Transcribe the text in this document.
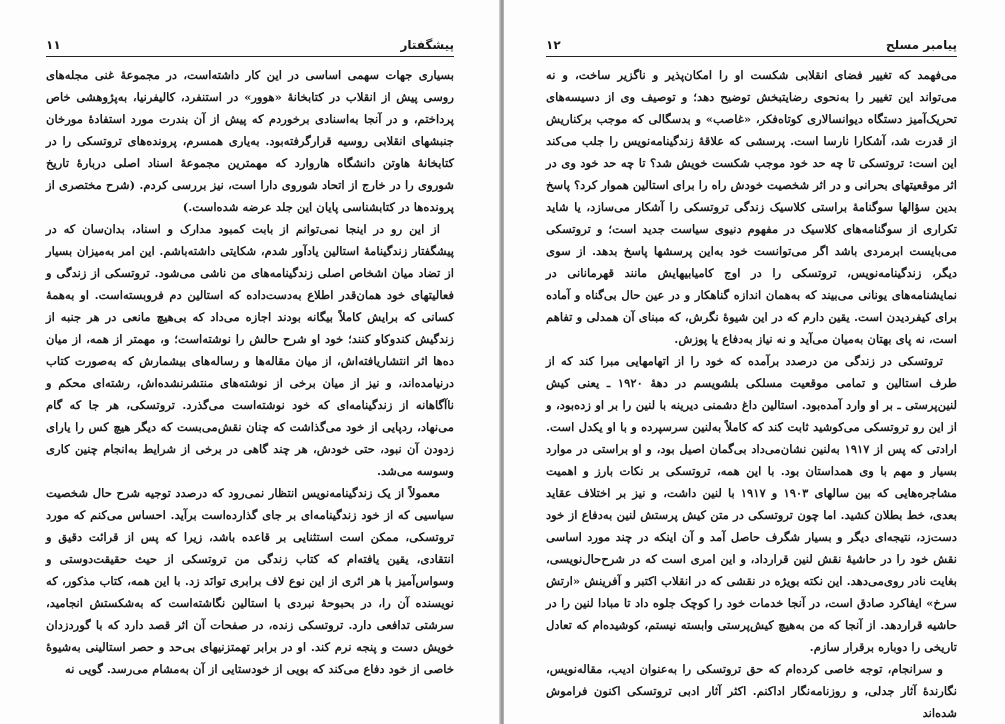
۱۱	پیشگفتار

بسیاری جهات سهمی اساسی در این کار داشته‌است، در مجموعهٔ غنی مجله‌های روسی پیش از انقلاب در کتابخانهٔ «هوور» در استنفرد، کالیفرنیا، به‌پژوهشی خاص پرداختم، و در آنجا به‌اسنادی برخوردم که پیش از آن بندرت مورد استفادهٔ مورخان جنبشهای انقلابی روسیه قرارگرفته‌بود. به‌یاری همسرم، پرونده‌های تروتسکی را در کتابخانهٔ هاوتن دانشگاه هاروارد که مهمترین مجموعهٔ اسناد اصلی دربارهٔ تاریخ شوروی را در خارج از اتحاد شوروی دارا است، نیز بررسی کردم. (شرح مختصری از پرونده‌ها در کتابشناسی پایان این جلد عرضه شده‌است.)

از این رو در اینجا نمی‌توانم از بابت کمبود مدارک و اسناد، بدان‌سان که در پیشگفتار زندگینامهٔ استالین یادآور شدم، شکایتی داشته‌باشم. این امر به‌میزان بسیار از تضاد میان اشخاص اصلی زندگینامه‌های من ناشی می‌شود. تروتسکی از زندگی و فعالیتهای خود همان‌قدر اطلاع به‌دست‌داده که استالین دم فروبسته‌است. او به‌همهٔ کسانی که برایش کاملاً بیگانه بودند اجازه می‌داد که بی‌هیچ مانعی در هر جنبه از زندگیش کندوکاو کنند؛ خود او شرح حالش را نوشته‌است؛ و، مهمتر از همه، از میان ده‌ها اثر انتشاریافته‌اش، از میان مقاله‌ها و رساله‌های بیشمارش که به‌صورت کتاب درنیامده‌اند، و نیز از میان برخی از نوشته‌های منتشرنشده‌اش، رشته‌ای محکم و ناآگاهانه از زندگینامه‌ای که خود نوشته‌است می‌گذرد. تروتسکی، هر جا که گام می‌نهاد، ردپایی از خود می‌گذاشت که چنان نقش‌می‌بست که دیگر هیچ کس را یارای زدودن آن نبود، حتی خودش، هر چند گاهی در برخی از شرایط به‌انجام چنین کاری وسوسه می‌شد.

معمولاً از یک زندگینامه‌نویس انتظار نمی‌رود که درصدد توجیه شرح حال شخصیت سیاسیی که از خود زندگینامه‌ای بر جای گذارده‌است برآید. احساس می‌کنم که مورد تروتسکی، ممکن است استثنایی بر قاعده باشد، زیرا که پس از قرائت دقیق و انتقادی، یقین یافته‌ام که کتاب زندگی من تروتسکی از حیث حقیقت‌دوستی و وسواس‌آمیز با هر اثری از این نوع لاف برابری توانَد زد. با این همه، کتاب مذکور، که نویسنده آن را، در بحبوحهٔ نبردی با استالین نگاشته‌است که به‌شکستش انجامید، سرشتی تدافعی دارد. تروتسکی زنده، در صفحات آن اثر قصد دارد که با گوردزدان خویش دست و پنجه نرم کند. او در برابر تهمتزنیهای بی‌حد و حصر استالینی به‌شیوهٔ خاصی از خود دفاع می‌کند که بویی از خودستایی از آن به‌مشام می‌رسد. گویی نه

۱۲	پیامبر مسلح

می‌فهمد که تغییر فضای انقلابی شکست او را امکان‌پذیر و ناگزیر ساخت، و نه می‌تواند این تغییر را به‌نحوی رضایتبخش توضیح دهد؛ و توصیف وی از دسیسه‌های تحریک‌آمیز دستگاه دیوانسالاری کوتاه‌فکر، «غاصب» و بدسگالی که موجب برکناریش از قدرت شد، آشکارا نارسا است. پرسشی که علاقهٔ زندگینامه‌نویس را جلب می‌کند این است: تروتسکی تا چه حد خود موجب شکست خویش شد؟ تا چه حد خود وی در اثر موقعیتهای بحرانی و در اثر شخصیت خودش راه را برای استالین هموار کرد؟ پاسخ بدین سؤالها سوگنامهٔ براستی کلاسیک زندگی تروتسکی را آشکار می‌سازد، یا شاید تکراری از سوگنامه‌های کلاسیک در مفهوم دنیوی سیاست جدید است؛ و تروتسکی می‌بایست ابرمردی باشد اگر می‌توانست خود به‌این پرسشها پاسخ بدهد. از سوی دیگر، زندگینامه‌نویس، تروتسکی را در اوج کامیابیهایش مانند قهرمانانی در نمایشنامه‌های یونانی می‌بیند که به‌همان اندازه گناهکار و در عین حال بی‌گناه و آماده برای کیفردیدن است. یقین دارم که در این شیوهٔ نگرش، که مبنای آن همدلی و تفاهم است، نه پای بهتان به‌میان می‌آید و نه نیاز به‌دفاع یا پوزش.

تروتسکی در زندگی من درصدد برآمده که خود را از اتهامهایی مبرا کند که از طرف استالین و تمامی موقعیت مسلکی بلشویسم در دههٔ ۱۹۲۰ ـ یعنی کیش لنین‌پرستی ـ بر او وارد آمده‌بود. استالین داغ دشمنی دیرینه با لنین را بر او زده‌بود، و از این رو تروتسکی می‌کوشید ثابت کند که کاملاً به‌لنین سرسپرده و با او یکدل است. ارادتی که پس از ۱۹۱۷ به‌لنین نشان‌می‌داد بی‌گمان اصیل بود، و او براستی در موارد بسیار و مهم با وی همداستان بود. با این همه، تروتسکی بر نکات بارز و اهمیت مشاجره‌هایی که بین سالهای ۱۹۰۳ و ۱۹۱۷ با لنین داشت، و نیز بر اختلاف عقاید بعدی، خط بطلان کشید. اما چون تروتسکی در متن کیش پرستش لنین به‌دفاع از خود دست‌زد، نتیجه‌ای دیگر و بسیار شگرف حاصل آمد و آن اینکه در چند مورد اساسی نقش خود را در حاشیهٔ نقش لنین قرارداد، و این امری است که در شرح‌حال‌نویسی، بغایت نادر روی‌می‌دهد. این نکته بویژه در نقشی که در انقلاب اکتبر و آفرینش «ارتش سرخ» ایفاکرد صادق است، در آنجا خدمات خود را کوچک جلوه داد تا مبادا لنین را در حاشیه قراردهد. از آنجا که من به‌هیچ کیش‌پرستی وابسته نیستم، کوشیده‌ام که تعادل تاریخی را دوباره برقرار سازم.

و سرانجام، توجه خاصی کرده‌ام که حق تروتسکی را به‌عنوان ادیب، مقاله‌نویس، نگارندهٔ آثار جدلی، و روزنامه‌نگار اداکنم. اکثر آثار ادبی تروتسکی اکنون فراموش شده‌اند
